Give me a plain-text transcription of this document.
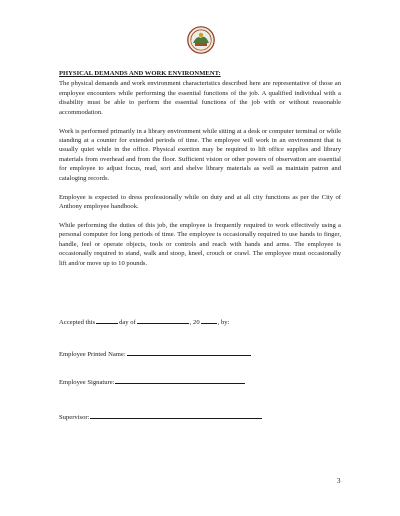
PHYSICAL DEMANDS AND WORK ENVIRONMENT:

The physical demands and work environment characteristics described here are representative of those an employee encounters while performing the essential functions of the job. A qualified individual with a disability must be able to perform the essential functions of the job with or without reasonable accommodation.

Work is performed primarily in a library environment while sitting at a desk or computer terminal or while standing at a counter for extended periods of time. The employee will work in an environment that is usually quiet while in the office. Physical exertion may be required to lift office supplies and library materials from overhead and from the floor. Sufficient vision or other powers of observation are essential for employee to adjust focus, read, sort and shelve library materials as well as maintain patron and cataloging records.

Employee is expected to dress professionally while on duty and at all city functions as per the City of Anthony employee handbook.

While performing the duties of this job, the employee is frequently required to work effectively using a personal computer for long periods of time. The employee is occasionally required to use hands to finger, handle, feel or operate objects, tools or controls and reach with hands and arms. The employee is occasionally required to stand, walk and stoop, kneel, crouch or crawl. The employee must occasionally lift and/or move up to 10 pounds.

Accepted this	day of	, 20	, by:
Employee Printed Name:
Employee Signature:
Supervisor:
3
